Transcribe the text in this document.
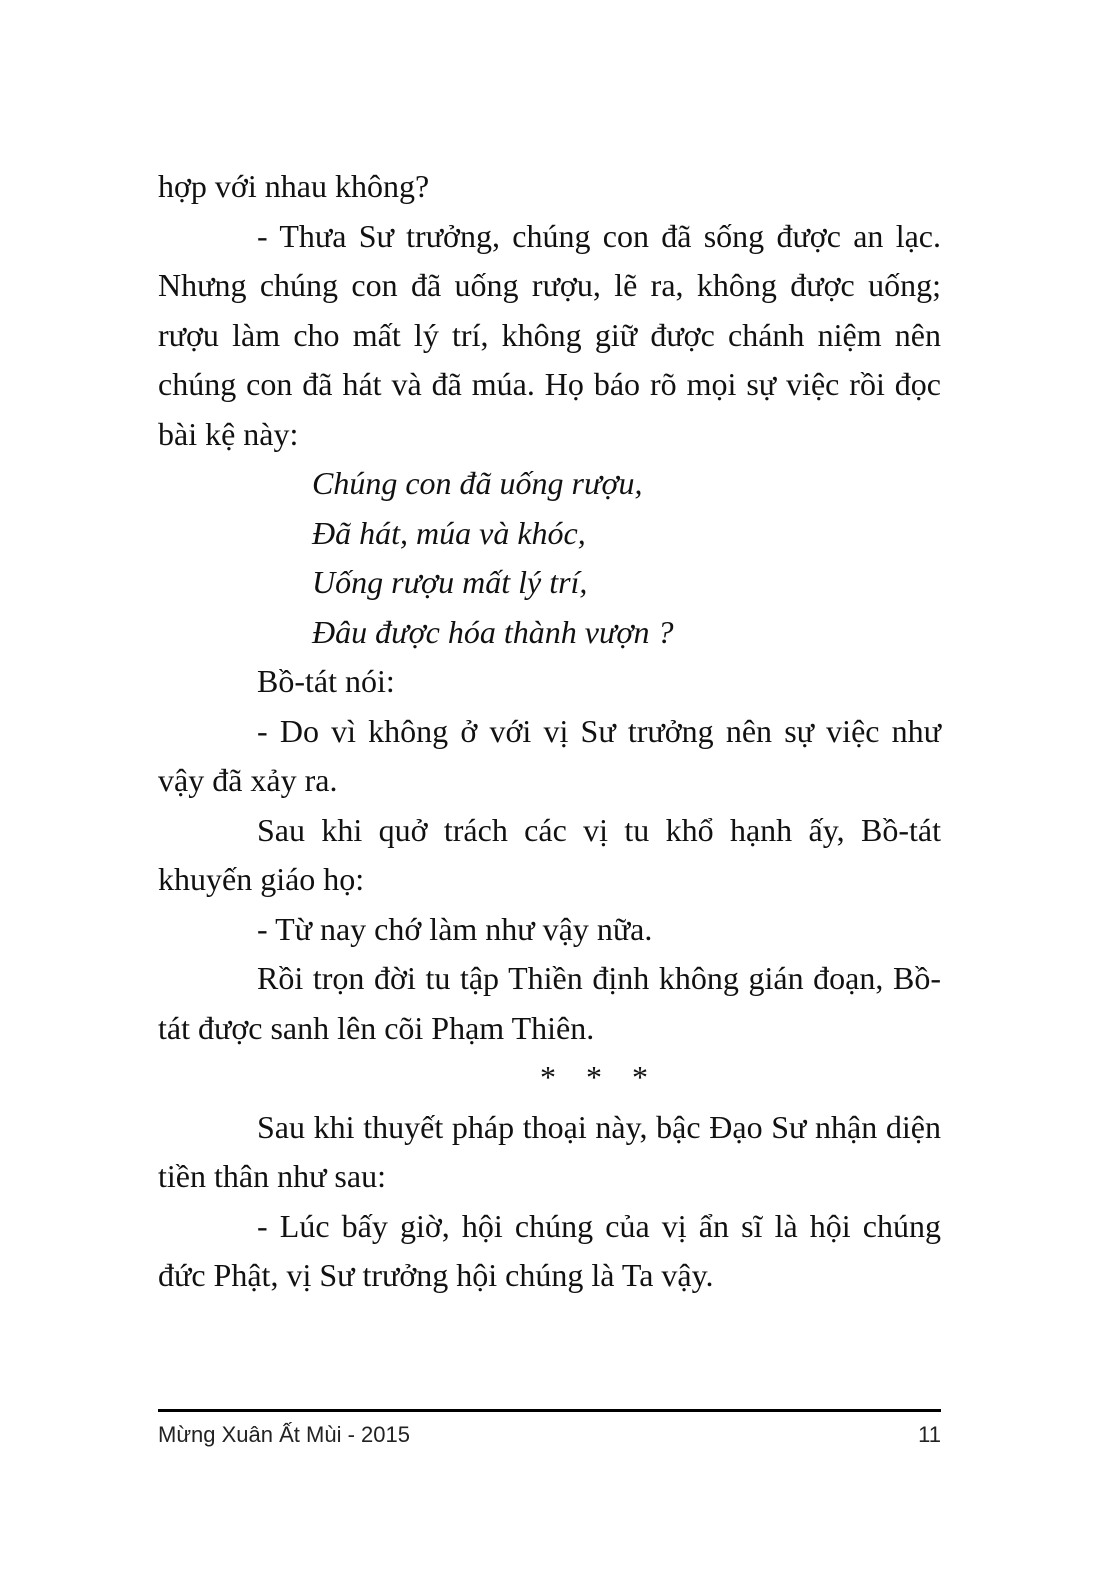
hợp với nhau không?

- Thưa Sư trưởng, chúng con đã sống được an lạc. Nhưng chúng con đã uống rượu, lẽ ra, không được uống; rượu làm cho mất lý trí, không giữ được chánh niệm nên chúng con đã hát và đã múa. Họ báo rõ mọi sự việc rồi đọc bài kệ này:

Chúng con đã uống rượu,
Đã hát, múa và khóc,
Uống rượu mất lý trí,
Đâu được hóa thành vượn ?

Bồ-tát nói:

- Do vì không ở với vị Sư trưởng nên sự việc như vậy đã xảy ra.

Sau khi quở trách các vị tu khổ hạnh ấy, Bồ-tát khuyến giáo họ:

- Từ nay chớ làm như vậy nữa.

Rồi trọn đời tu tập Thiền định không gián đoạn, Bồ-tát được sanh lên cõi Phạm Thiên.

* * *

Sau khi thuyết pháp thoại này, bậc Đạo Sư nhận diện tiền thân như sau:

- Lúc bấy giờ, hội chúng của vị ẩn sĩ là hội chúng đức Phật, vị Sư trưởng hội chúng là Ta vậy.

Mừng Xuân Ất Mùi - 2015	11
